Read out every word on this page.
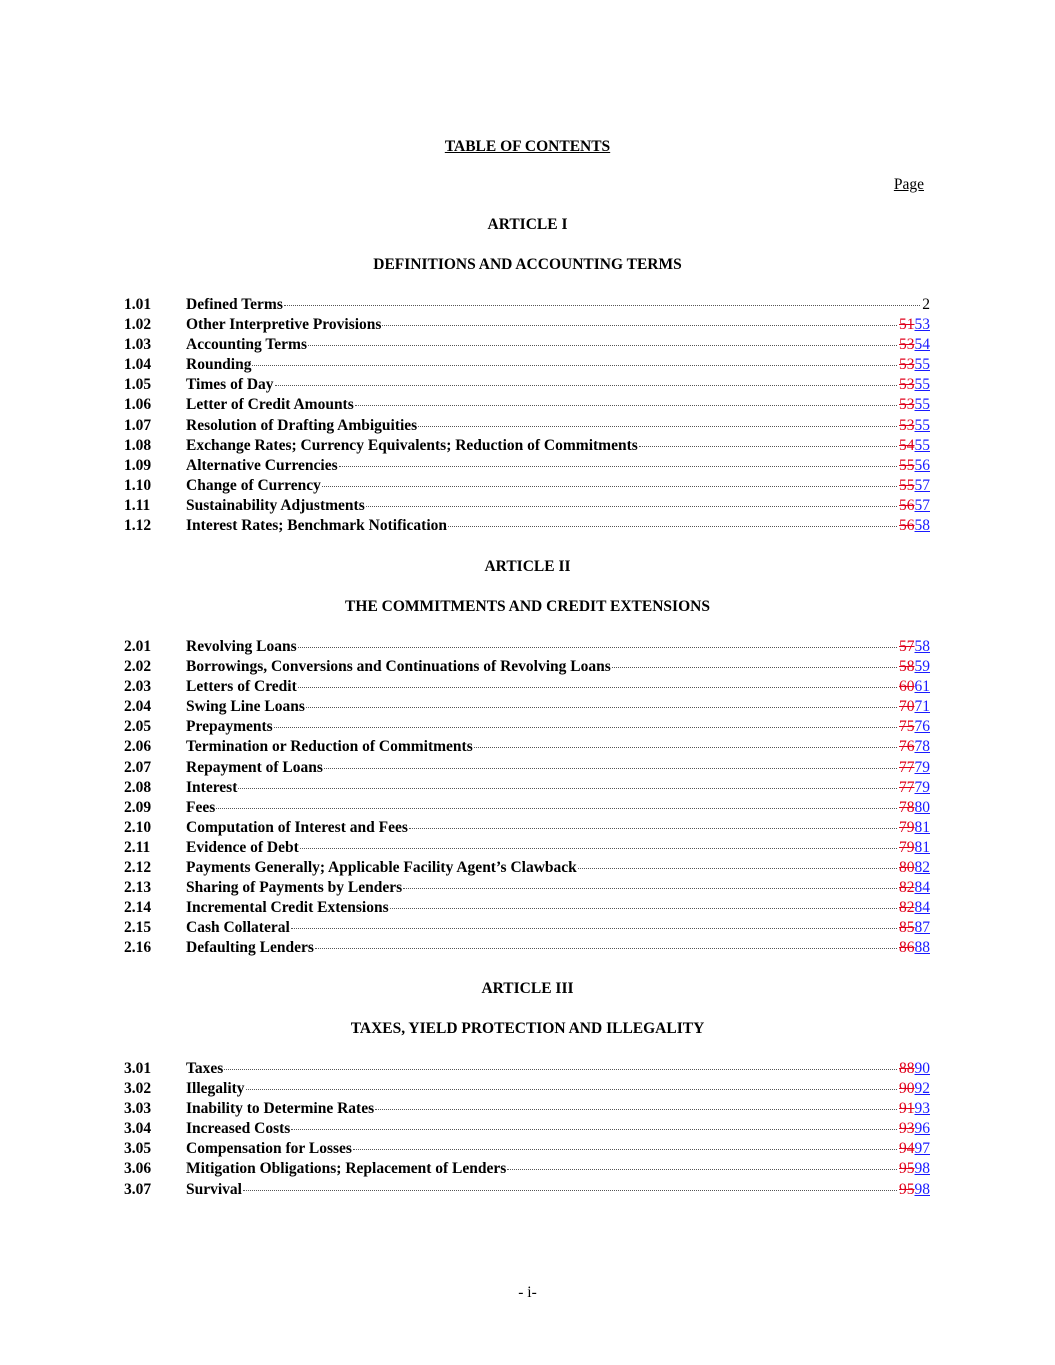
TABLE OF CONTENTS
Page
ARTICLE I
DEFINITIONS AND ACCOUNTING TERMS
1.01	Defined Terms	2
1.02	Other Interpretive Provisions	5153
1.03	Accounting Terms	5354
1.04	Rounding	5355
1.05	Times of Day	5355
1.06	Letter of Credit Amounts	5355
1.07	Resolution of Drafting Ambiguities	5355
1.08	Exchange Rates; Currency Equivalents; Reduction of Commitments	5455
1.09	Alternative Currencies	5556
1.10	Change of Currency	5557
1.11	Sustainability Adjustments	5657
1.12	Interest Rates; Benchmark Notification	5658
ARTICLE II
THE COMMITMENTS AND CREDIT EXTENSIONS
2.01	Revolving Loans	5758
2.02	Borrowings, Conversions and Continuations of Revolving Loans	5859
2.03	Letters of Credit	6061
2.04	Swing Line Loans	7071
2.05	Prepayments	7576
2.06	Termination or Reduction of Commitments	7678
2.07	Repayment of Loans	7779
2.08	Interest	7779
2.09	Fees	7880
2.10	Computation of Interest and Fees	7981
2.11	Evidence of Debt	7981
2.12	Payments Generally; Applicable Facility Agent’s Clawback	8082
2.13	Sharing of Payments by Lenders	8284
2.14	Incremental Credit Extensions	8284
2.15	Cash Collateral	8587
2.16	Defaulting Lenders	8688
ARTICLE III
TAXES, YIELD PROTECTION AND ILLEGALITY
3.01	Taxes	8890
3.02	Illegality	9092
3.03	Inability to Determine Rates	9193
3.04	Increased Costs	9396
3.05	Compensation for Losses	9497
3.06	Mitigation Obligations; Replacement of Lenders	9598
3.07	Survival	9598
- i-
